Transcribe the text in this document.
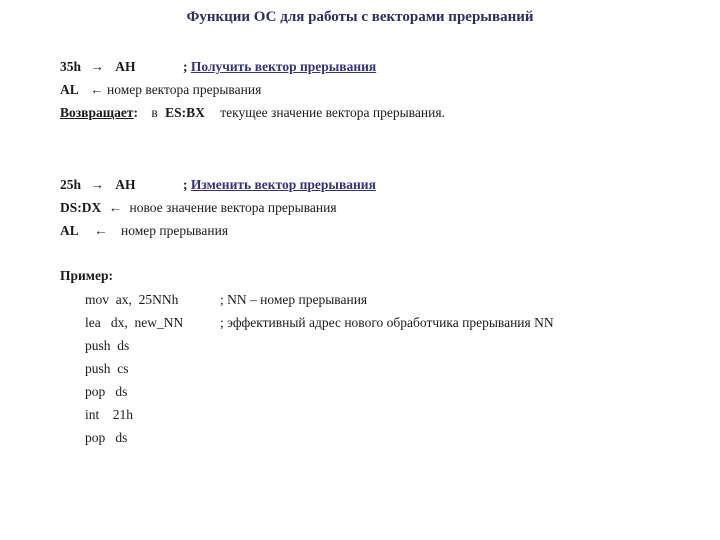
Функции ОС для работы с векторами прерываний
35h → AH	; Получить вектор прерывания
AL ← номер вектора прерывания
Возвращает: в ES:BX текущее значение вектора прерывания.
25h → AH	; Изменить вектор прерывания
DS:DX ← новое значение вектора прерывания
AL ← номер прерывания
Пример:
mov  ax,  25NNh	; NN – номер прерывания
lea   dx,  new_NN	; эффективный адрес нового обработчика прерывания NN
push  ds
push  cs
pop   ds
int    21h
pop   ds
